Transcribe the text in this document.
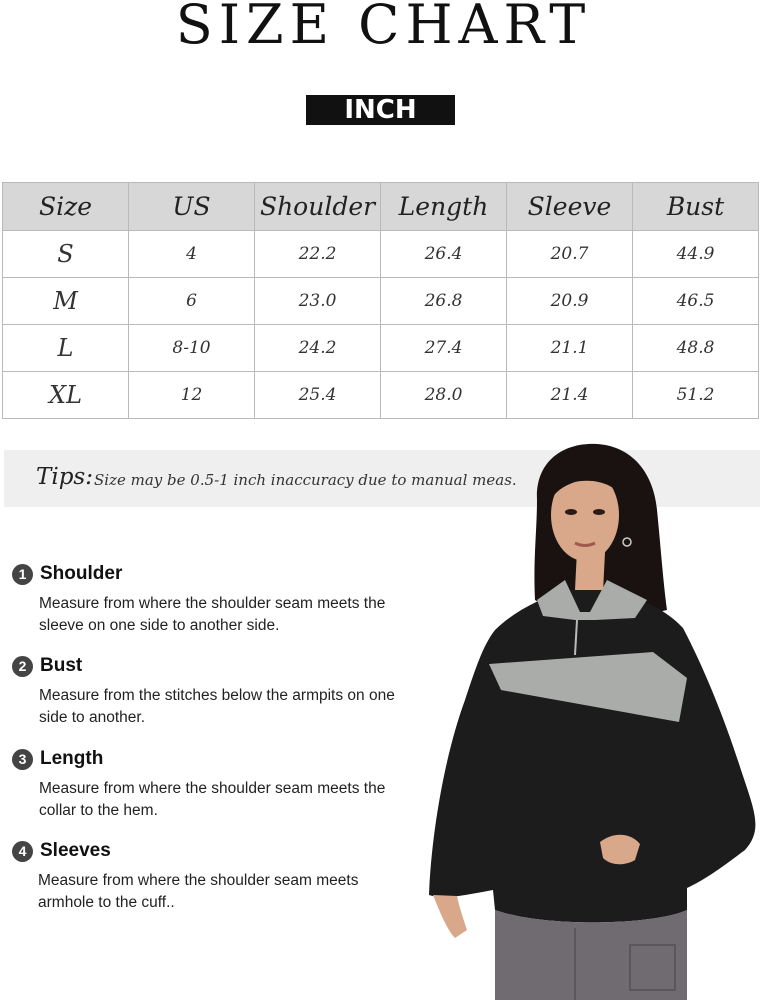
SIZE CHART
INCH
Size	US	Shoulder	Length	Sleeve	Bust
S	4	22.2	26.4	20.7	44.9
M	6	23.0	26.8	20.9	46.5
L	8-10	24.2	27.4	21.1	48.8
XL	12	25.4	28.0	21.4	51.2
Tips: Size may be 0.5-1 inch inaccuracy due to manual meas.
1 Shoulder
Measure from where the shoulder seam meets the sleeve on one side to another side.
2 Bust
Measure from the stitches below the armpits on one side to another.
3 Length
Measure from where the shoulder seam meets the collar to the hem.
4 Sleeves
Measure from where the shoulder seam meets armhole to the cuff..
